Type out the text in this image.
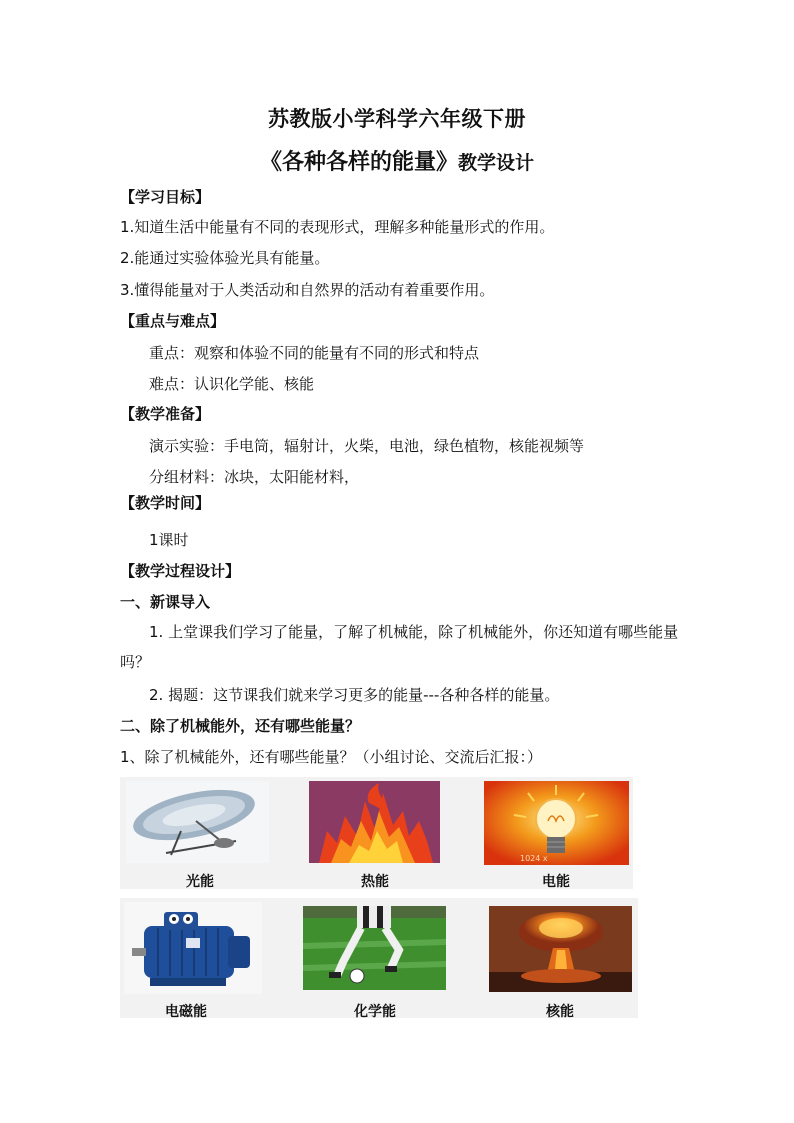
苏教版小学科学六年级下册
《各种各样的能量》教学设计
【学习目标】
1.知道生活中能量有不同的表现形式，理解多种能量形式的作用。
2.能通过实验体验光具有能量。
3.懂得能量对于人类活动和自然界的活动有着重要作用。
【重点与难点】
重点：观察和体验不同的能量有不同的形式和特点
难点：认识化学能、核能
【教学准备】
演示实验：手电筒，辐射计，火柴，电池，绿色植物，核能视频等
分组材料：冰块，太阳能材料，
【教学时间】
1课时
【教学过程设计】
一、新课导入
1. 上堂课我们学习了能量，了解了机械能，除了机械能外，你还知道有哪些能量吗？
2. 揭题：这节课我们就来学习更多的能量---各种各样的能量。
二、除了机械能外，还有哪些能量？
1、除了机械能外，还有哪些能量？（小组讨论、交流后汇报：）
光能	热能
1024 x
电能
电磁能	化学能	核能
